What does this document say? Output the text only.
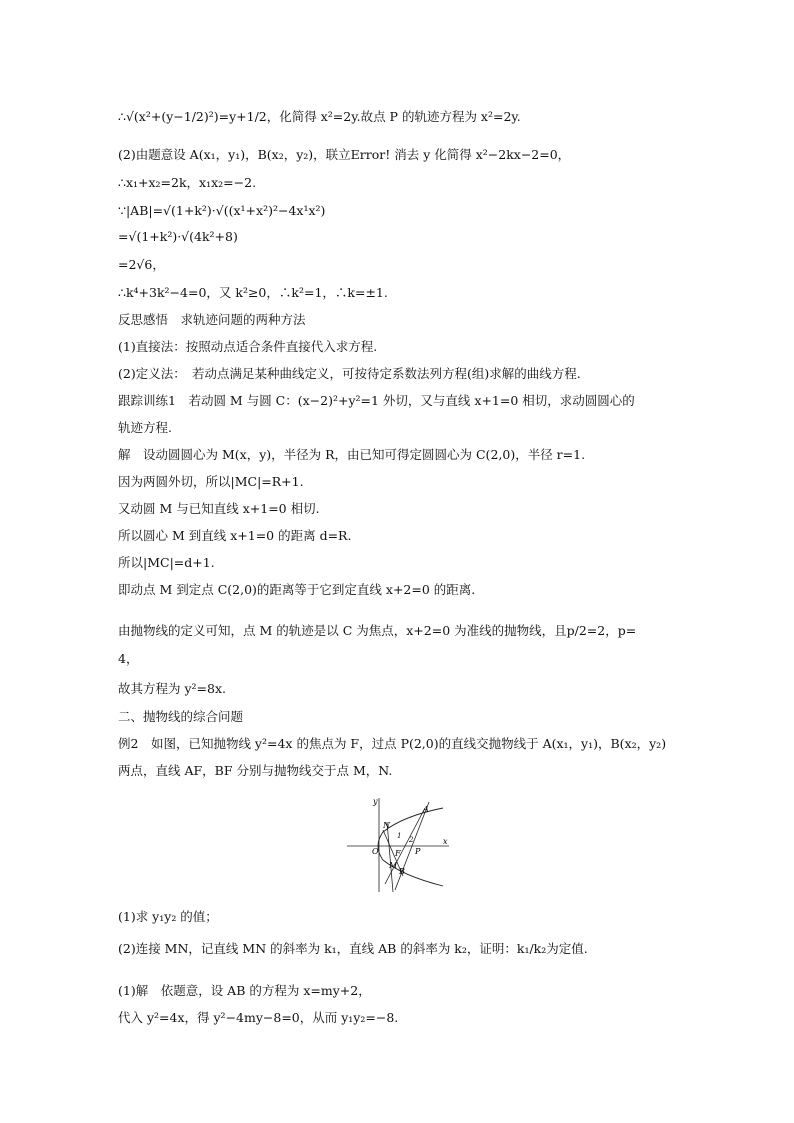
∴√(x²+(y−1/2)²)=y+1/2，化简得 x²=2y.故点 P 的轨迹方程为 x²=2y.
(2)由题意设 A(x₁，y₁)，B(x₂，y₂)，联立Error! 消去 y 化简得 x²−2kx−2=0，
∴x₁+x₂=2k，x₁x₂=−2.
∵|AB|=√(1+k²)·√((x¹+x²)²−4x¹x²)
=√(1+k²)·√(4k²+8)
=2√6，
∴k⁴+3k²−4=0，又 k²≥0，∴k²=1，∴k=±1.
反思感悟　求轨迹问题的两种方法
(1)直接法：按照动点适合条件直接代入求方程.
(2)定义法：　若动点满足某种曲线定义，可按待定系数法列方程(组)求解的曲线方程.
跟踪训练1　若动圆 M 与圆 C：(x−2)²+y²=1 外切，又与直线 x+1=0 相切，求动圆圆心的
轨迹方程.
解　设动圆圆心为 M(x，y)，半径为 R，由已知可得定圆圆心为 C(2,0)，半径 r=1.
因为两圆外切，所以|MC|=R+1.
又动圆 M 与已知直线 x+1=0 相切.
所以圆心 M 到直线 x+1=0 的距离 d=R.
所以|MC|=d+1.
即动点 M 到定点 C(2,0)的距离等于它到定直线 x+2=0 的距离.
由抛物线的定义可知，点 M 的轨迹是以 C 为焦点，x+2=0 为准线的抛物线，且p/2=2，p=
4，
故其方程为 y²=8x.
二、抛物线的综合问题
例2　如图，已知抛物线 y²=4x 的焦点为 F，过点 P(2,0)的直线交抛物线于 A(x₁，y₁)，B(x₂，y₂)
两点，直线 AF，BF 分别与抛物线交于点 M，N.
y
x
O
A
B
N
M
F P
1 2
(1)求 y₁y₂ 的值；
(2)连接 MN，记直线 MN 的斜率为 k₁，直线 AB 的斜率为 k₂，证明：k₁/k₂为定值.
(1)解　依题意，设 AB 的方程为 x=my+2，
代入 y²=4x，得 y²−4my−8=0，从而 y₁y₂=−8.
